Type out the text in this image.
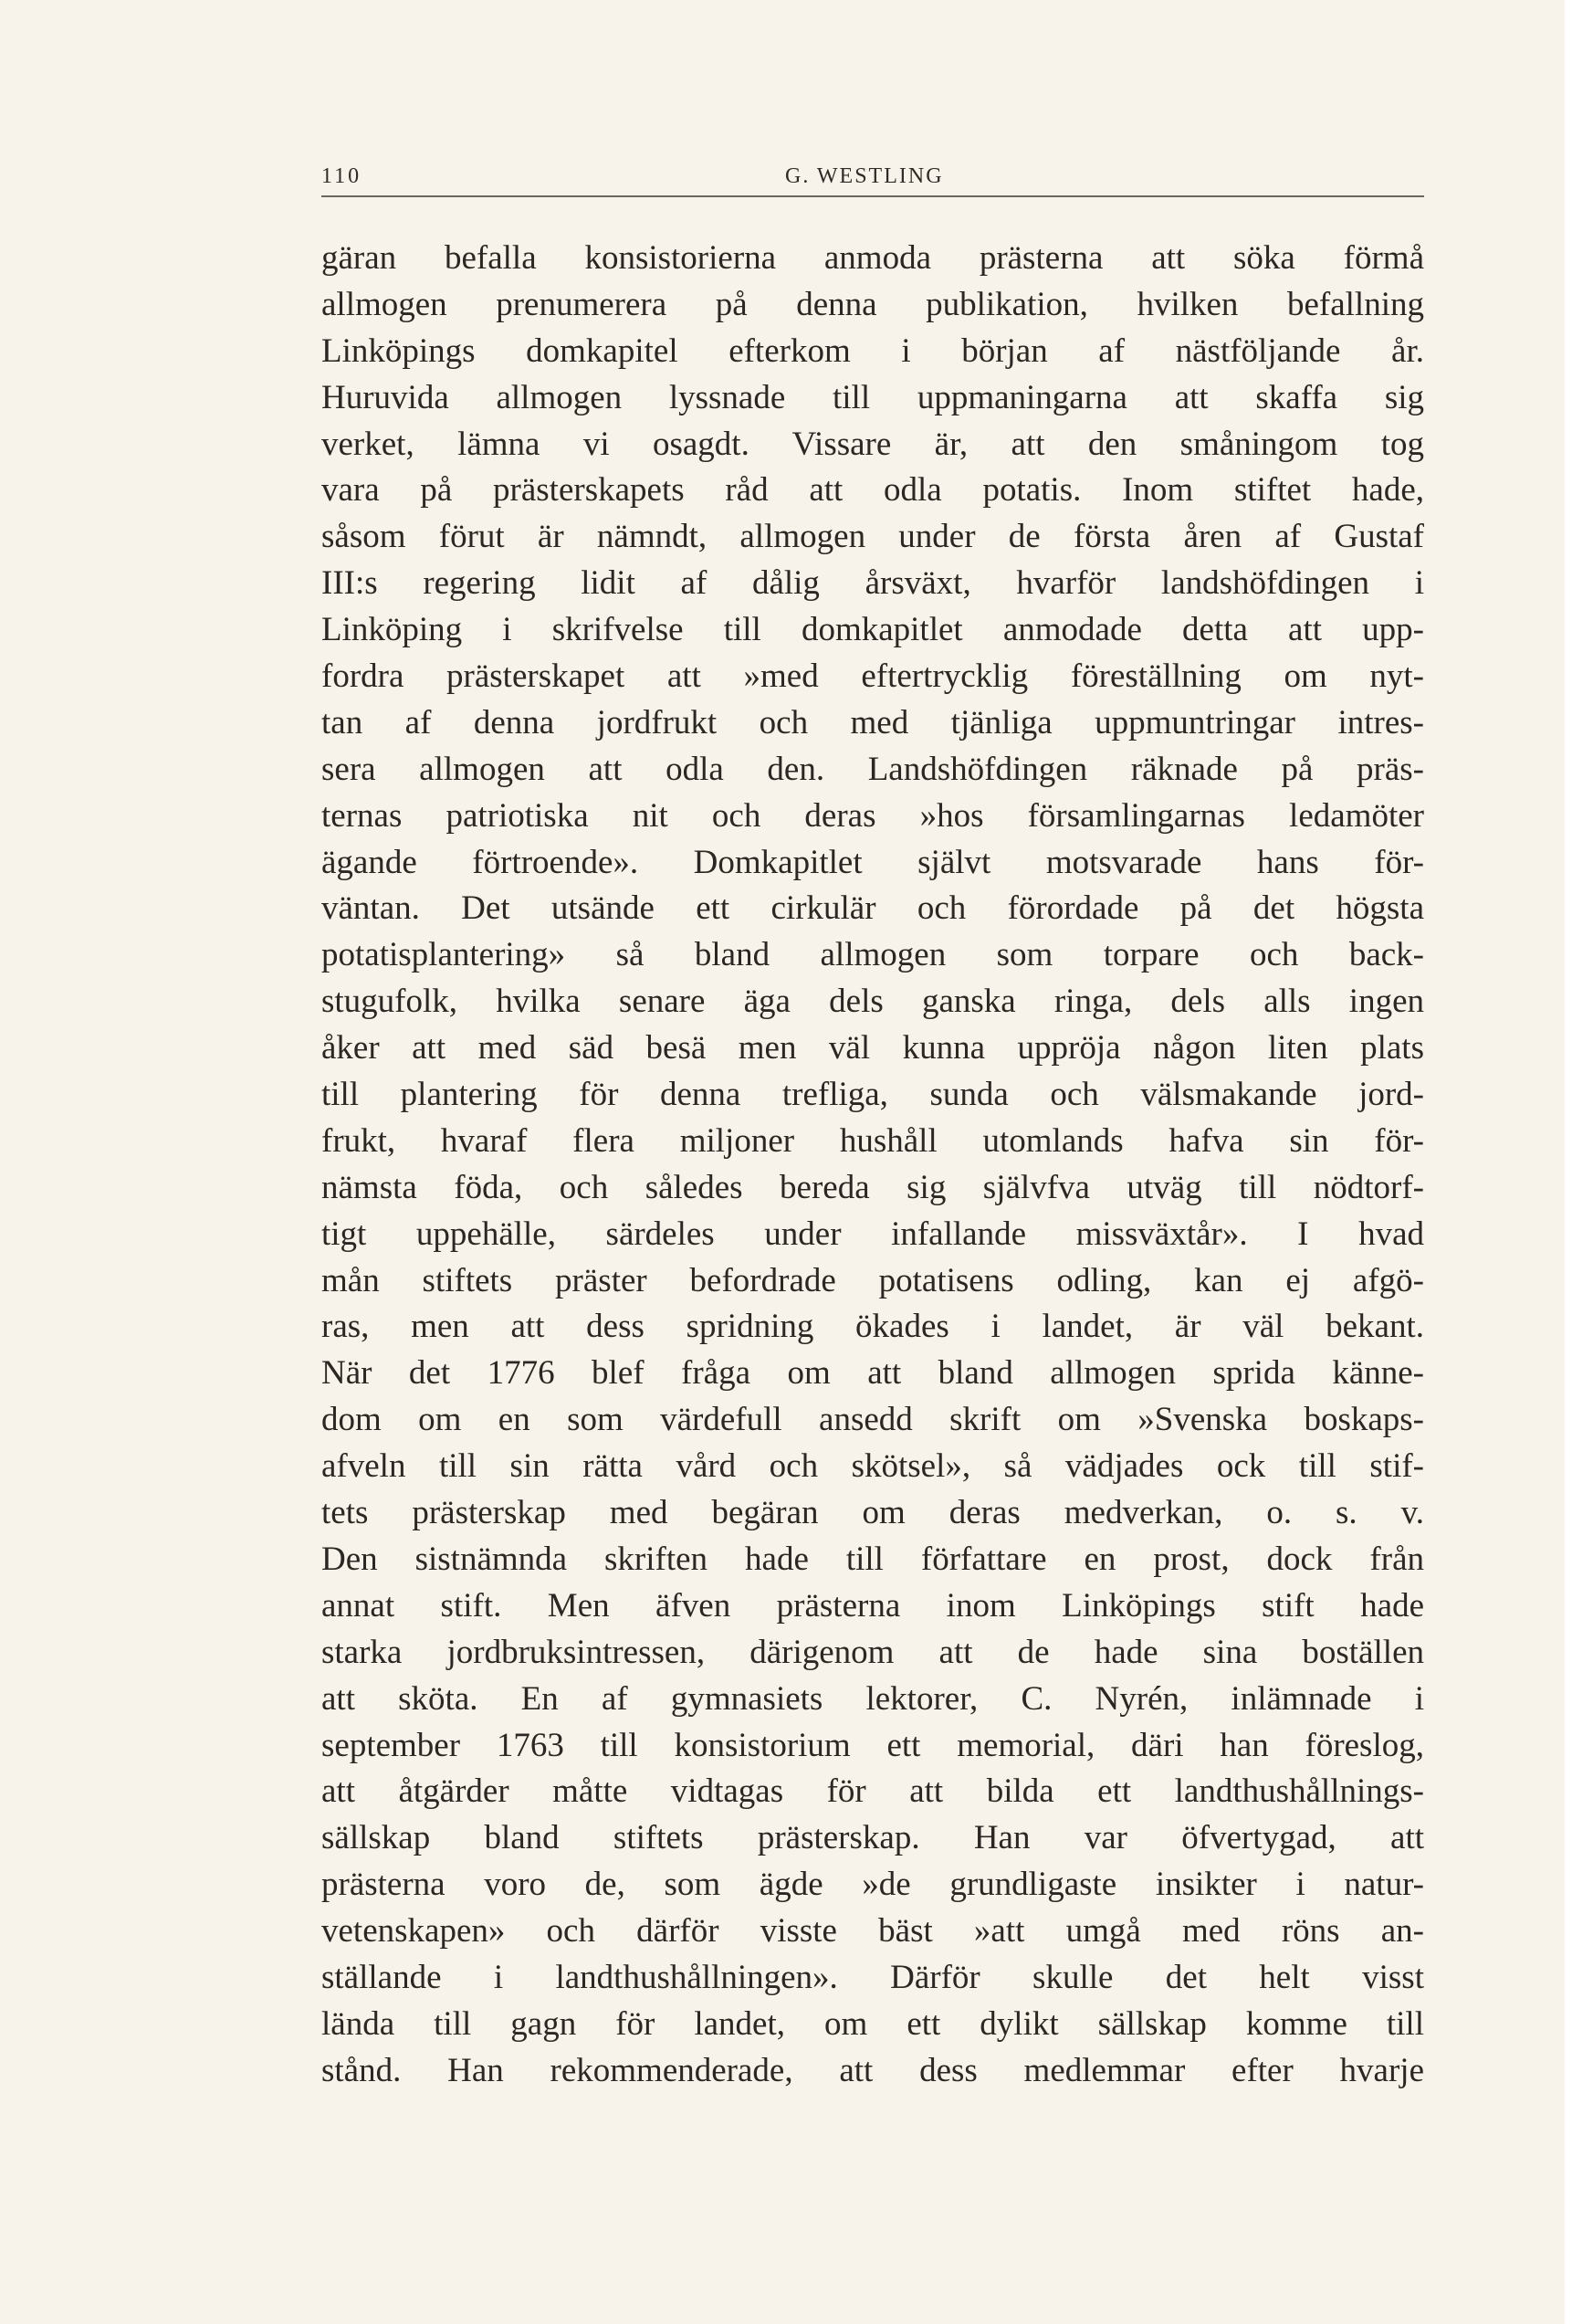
110	G. WESTLING
gäran befalla konsistorierna anmoda prästerna att söka förmå
allmogen prenumerera på denna publikation, hvilken befallning
Linköpings domkapitel efterkom i början af nästföljande år.
Huruvida allmogen lyssnade till uppmaningarna att skaffa sig
verket, lämna vi osagdt. Vissare är, att den småningom tog
vara på prästerskapets råd att odla potatis. Inom stiftet hade,
såsom förut är nämndt, allmogen under de första åren af Gustaf
III:s regering lidit af dålig årsväxt, hvarför landshöfdingen i
Linköping i skrifvelse till domkapitlet anmodade detta att upp-
fordra prästerskapet att »med eftertrycklig föreställning om nyt-
tan af denna jordfrukt och med tjänliga uppmuntringar intres-
sera allmogen att odla den. Landshöfdingen räknade på präs-
ternas patriotiska nit och deras »hos församlingarnas ledamöter
ägande förtroende». Domkapitlet självt motsvarade hans för-
väntan. Det utsände ett cirkulär och förordade på det högsta
potatisplantering» så bland allmogen som torpare och back-
stugufolk, hvilka senare äga dels ganska ringa, dels alls ingen
åker att med säd besä men väl kunna uppröja någon liten plats
till plantering för denna trefliga, sunda och välsmakande jord-
frukt, hvaraf flera miljoner hushåll utomlands hafva sin för-
nämsta föda, och således bereda sig självfva utväg till nödtorf-
tigt uppehälle, särdeles under infallande missväxtår». I hvad
mån stiftets präster befordrade potatisens odling, kan ej afgö-
ras, men att dess spridning ökades i landet, är väl bekant.
När det 1776 blef fråga om att bland allmogen sprida känne-
dom om en som värdefull ansedd skrift om »Svenska boskaps-
afveln till sin rätta vård och skötsel», så vädjades ock till stif-
tets prästerskap med begäran om deras medverkan, o. s. v.
Den sistnämnda skriften hade till författare en prost, dock från
annat stift. Men äfven prästerna inom Linköpings stift hade
starka jordbruksintressen, därigenom att de hade sina boställen
att sköta. En af gymnasiets lektorer, C. Nyrén, inlämnade i
september 1763 till konsistorium ett memorial, däri han föreslog,
att åtgärder måtte vidtagas för att bilda ett landthushållnings-
sällskap bland stiftets prästerskap. Han var öfvertygad, att
prästerna voro de, som ägde »de grundligaste insikter i natur-
vetenskapen» och därför visste bäst »att umgå med röns an-
ställande i landthushållningen». Därför skulle det helt visst
lända till gagn för landet, om ett dylikt sällskap komme till
stånd. Han rekommenderade, att dess medlemmar efter hvarje
